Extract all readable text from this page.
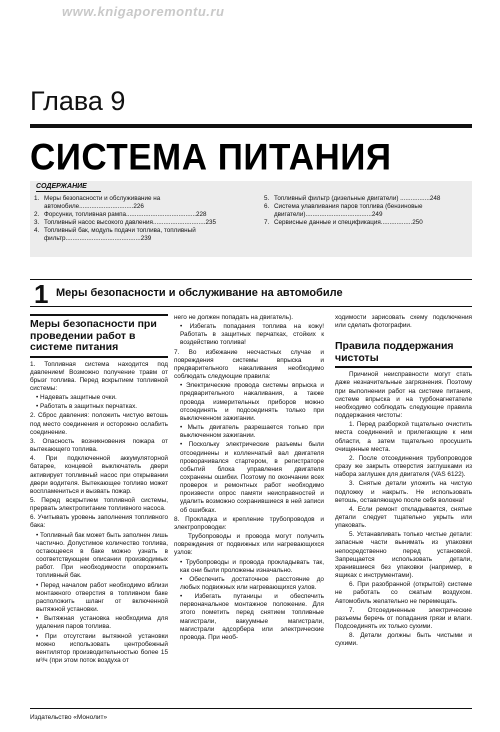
www.knigaporemontu.ru
Глава 9
СИСТЕМА ПИТАНИЯ
СОДЕРЖАНИЕ
1. Меры безопасности и обслуживание на автомобиле...............................226
2. Форсунки, топливная рампа........................................228
3. Топливный насос высокого давления..............................235
4. Топливный бак, модуль подачи топлива, топливный фильтр...........................................239
5. Топливный фильтр (дизельные двигатели) .................248
6. Система улавливания паров топлива (бензиновые двигатели)......................................249
7. Сервисные данные и спецификация..................250
1 Меры безопасности и обслуживание на автомобиле
Меры безопасности при проведении работ в системе питания

1. Топливная система находится под давлением! Возможно получение травм от брызг топлива. Перед вскрытием топливной системы:

• Надевать защитные очки.

• Работать в защитных перчатках.

2. Сброс давления: положить чистую ветошь под место соединения и осторожно ослабить соединение.

3. Опасность возникновения пожара от вытекающего топлива.

4. При подключенной аккумуляторной батарее, концевой выключатель двери активирует топливный насос при открывании двери водителя. Вытекающее топливо может воспламениться и вызвать пожар.

5. Перед вскрытием топливной системы, прервать электропитание топливного насоса.

6. Учитывать уровень заполнения топливного бака:

• Топливный бак может быть заполнен лишь частично. Допустимое количество топлива, остающееся в баке можно узнать в соответствующем описании производимых работ. При необходимости опорожнить топливный бак.

• Перед началом работ необходимо вблизи монтажного отверстия в топливном баке расположить шланг от включенной вытяжной установки.

• Вытяжная установка необходима для удаления паров топлива.

• При отсутствии вытяжной установки можно использовать центробежный вентилятор производительностью более 15 м³/ч (при этом поток воздуха от

него не должен попадать на двигатель).

• Избегать попадания топлива на кожу! Работать в защитных перчатках, стойких к воздействию топлива!

7. Во избежание несчастных случае и повреждения системы впрыска и предварительного накаливания необходимо соблюдать следующие правила:

• Электрические провода системы впрыска и предварительного накаливания, а также провода измерительных приборов можно отсоединять и подсоединять только при выключенном зажигании.

• Мыть двигатель разрешается только при выключенном зажигании.

• Поскольку электрические разъемы были отсоединены и колленчатый вал двигателя проворачивался стартером, в регистраторе событий блока управления двигателя сохранены ошибки. Поэтому по окончании всех проверок и ремонтных работ необходимо произвести опрос памяти неисправностей и удалить возможно сохранившиеся в ней записи об ошибках.

8. Прокладка и крепление трубопроводов и электропроводки:

Трубопроводы и провода могут получить повреждения от подвижных или нагревающихся узлов:

• Трубопроводы и провода прокладывать так, как они были проложены изначально.

• Обеспечить достаточное расстояние до любых подвижных или нагревающихся узлов.

• Избегать путаницы и обеспечить первоначальное монтажное положение. Для этого пометить перед снятием топливные магистрали, вакуумные магистрали, магистрали адсорбера или электрические провода. При необ-

ходимости зарисовать схему подключения или сделать фотографии.

Правила поддержания чистоты

Причиной неисправности могут стать даже незначительные загрязнения. Поэтому при выполнении работ на системе питания, системе впрыска и на турбонагнетателе необходимо соблюдать следующие правила поддержания чистоты:

1. Перед разборкой тщательно очистить места соединений и прилегающие к ним области, а затем тщательно просушить очищенные места.

2. После отсоединения трубопроводов сразу же закрыть отверстия заглушками из набора заглушек для двигателя (VAS 6122).

3. Снятые детали уложить на чистую подложку и накрыть. Не использовать ветошь, оставляющую после себя волокна!

4. Если ремонт откладывается, снятые детали следует тщательно укрыть или упаковать.

5. Устанавливать только чистые детали: запасные части вынимать из упаковки непосредственно перед установкой. Запрещается использовать детали, хранившиеся без упаковки (например, в ящиках с инструментами).

6. При разобранной (открытой) системе не работать со сжатым воздухом. Автомобиль желательно не перемещать.

7. Отсоединенные электрические разъемы беречь от попадания грязи и влаги. Подсоединять их только сухими.

8. Детали должны быть чистыми и сухими.

Издательство «Монолит»
